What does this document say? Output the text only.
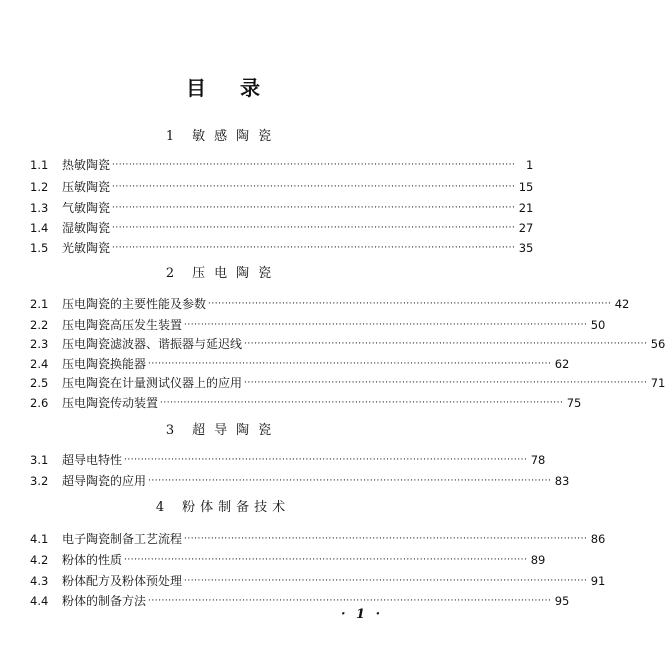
目录
1 敏感陶瓷
1.1	热敏陶瓷 ························································································································ 1
1.2	压敏陶瓷 ························································································································ 15
1.3	气敏陶瓷 ························································································································ 21
1.4	湿敏陶瓷 ························································································································ 27
1.5	光敏陶瓷 ························································································································ 35
2 压电陶瓷
2.1	压电陶瓷的主要性能及参数 ························································································································ 42
2.2	压电陶瓷高压发生装置 ························································································································ 50
2.3	压电陶瓷滤波器、谐振器与延迟线 ························································································································ 56
2.4	压电陶瓷换能器 ························································································································ 62
2.5	压电陶瓷在计量测试仪器上的应用 ························································································································ 71
2.6	压电陶瓷传动装置 ························································································································ 75
3 超导陶瓷
3.1	超导电特性 ························································································································ 78
3.2	超导陶瓷的应用 ························································································································ 83
4 粉体制备技术
4.1	电子陶瓷制备工艺流程 ························································································································ 86
4.2	粉体的性质 ························································································································ 89
4.3	粉体配方及粉体预处理 ························································································································ 91
4.4	粉体的制备方法 ························································································································ 95
· 1 ·
